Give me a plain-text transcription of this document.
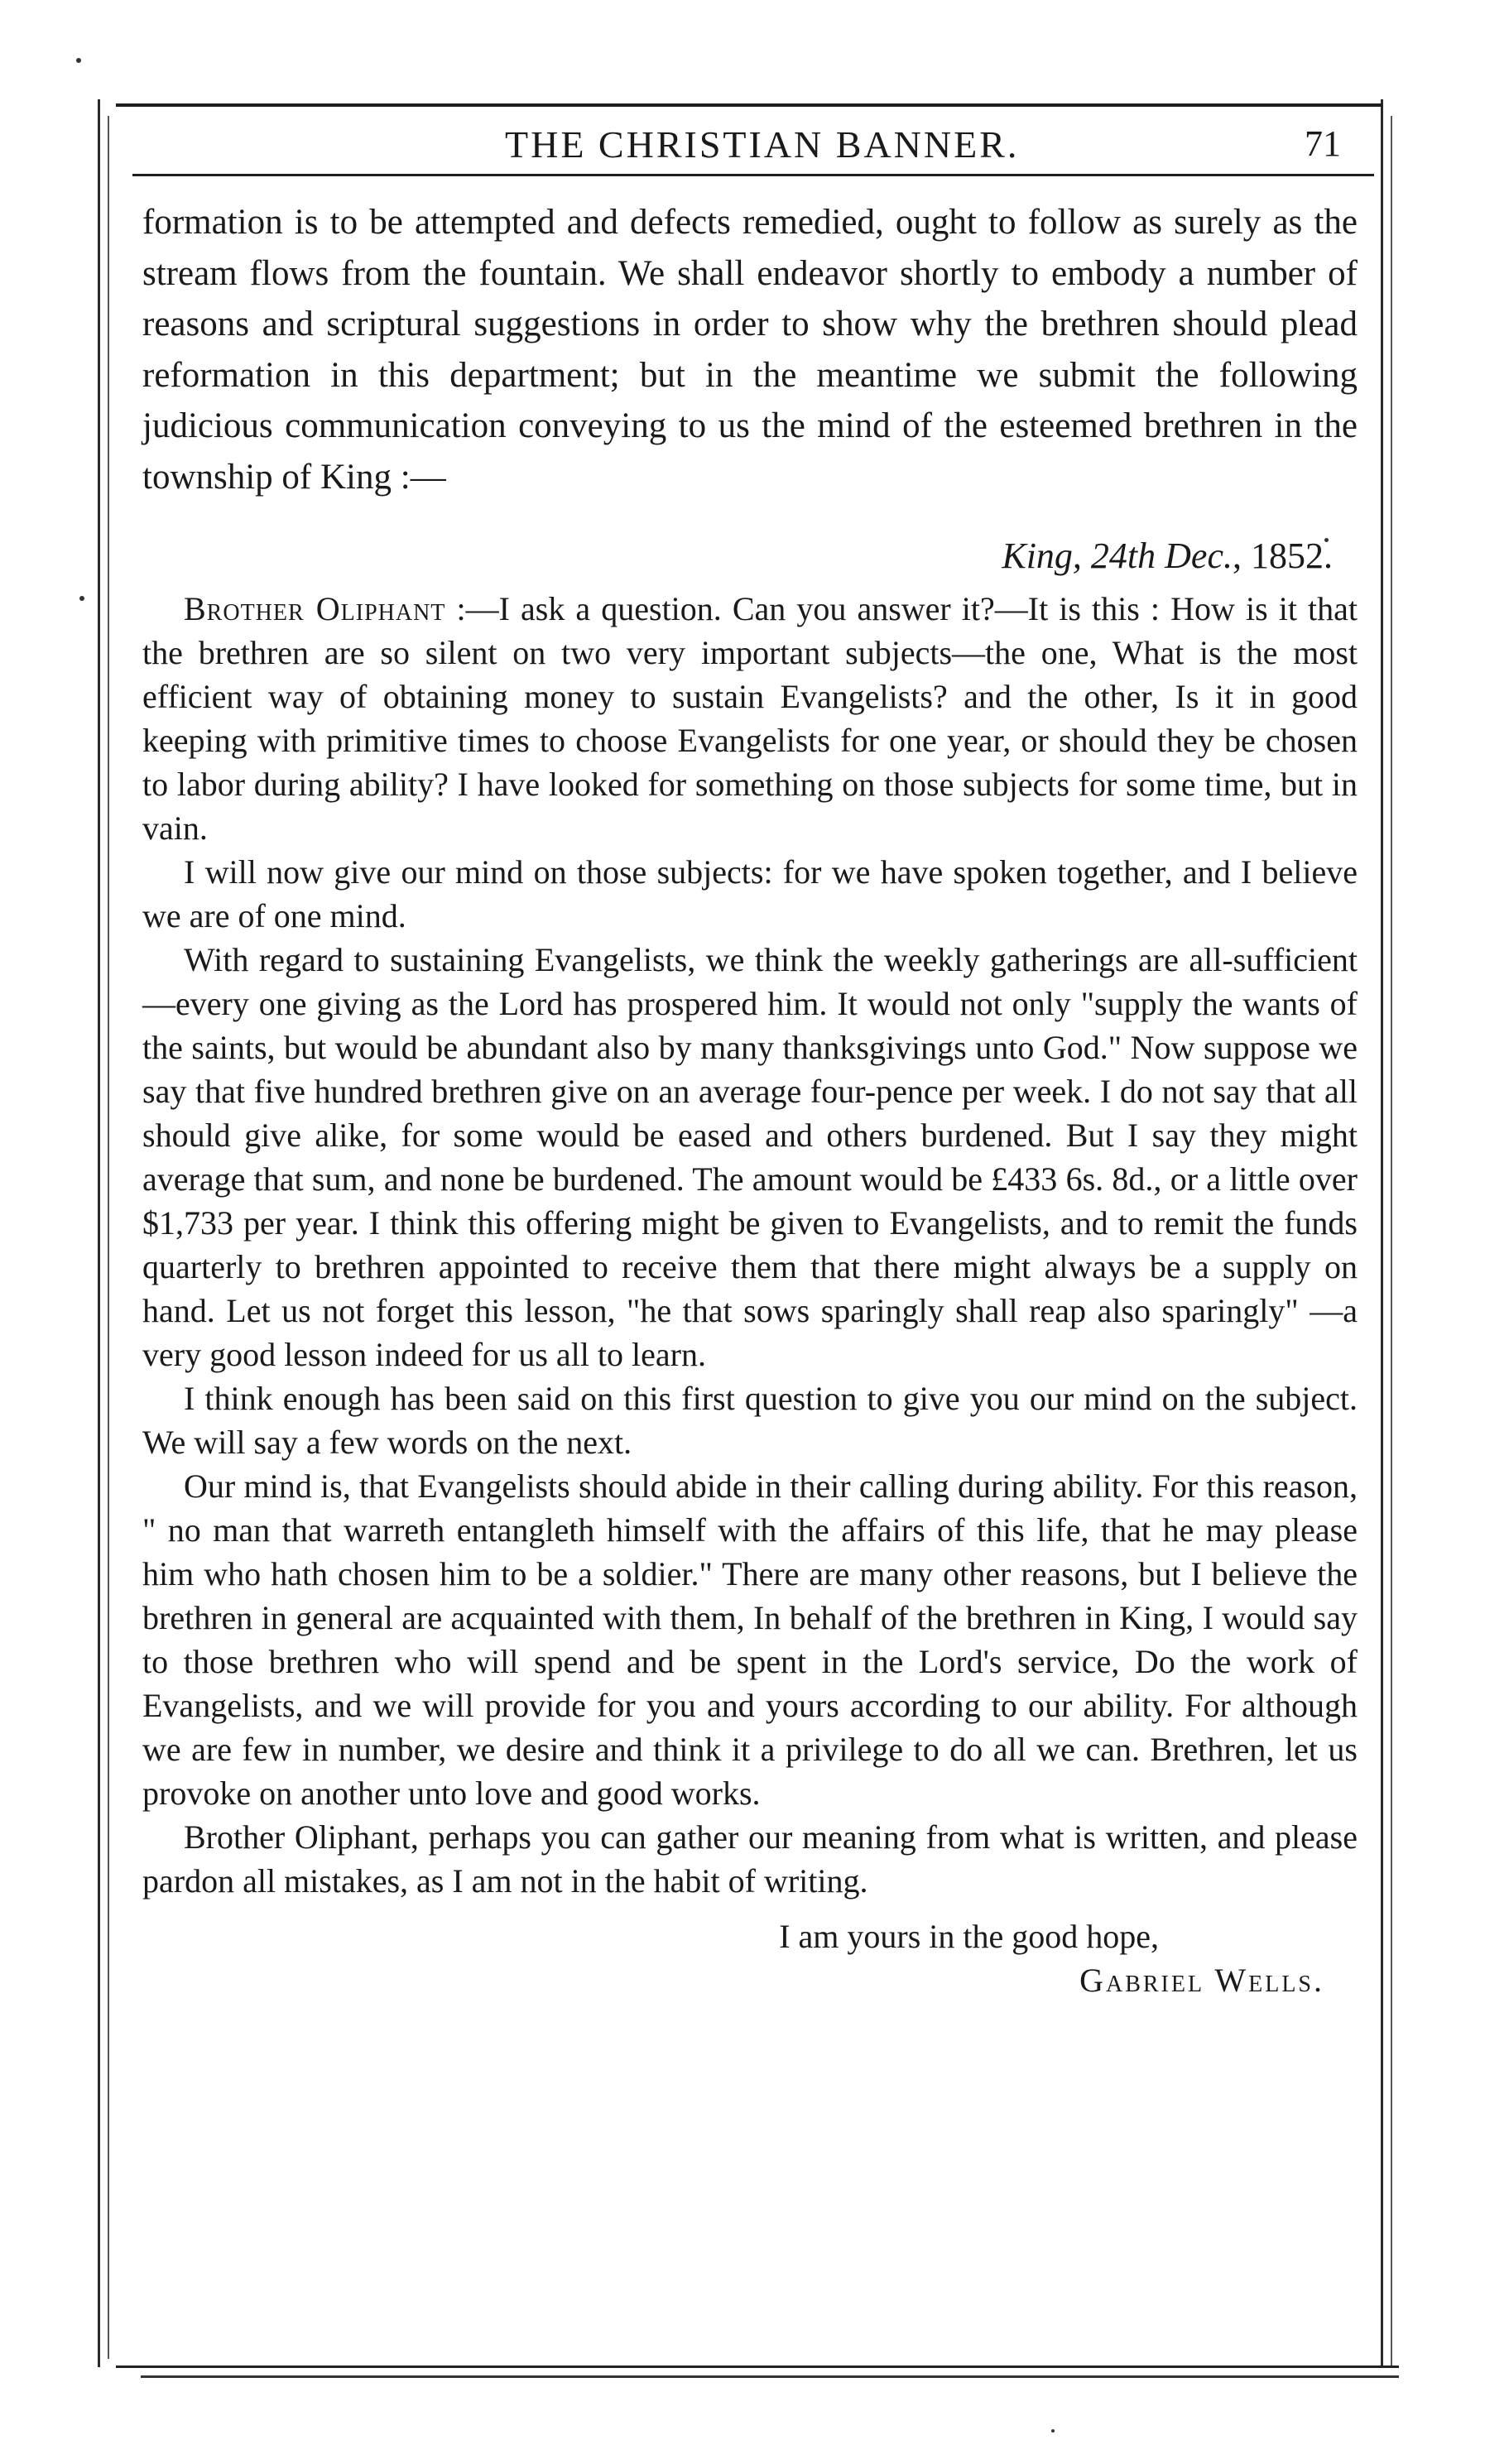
THE CHRISTIAN BANNER.	71

formation is to be attempted and defects remedied, ought to follow as surely as the stream flows from the fountain. We shall endeavor shortly to embody a number of reasons and scriptural suggestions in order to show why the brethren should plead reformation in this department; but in the meantime we submit the following judicious communication conveying to us the mind of the esteemed brethren in the township of King :—

King, 24th Dec., 1852.

Brother Oliphant :—I ask a question. Can you answer it?—It is this : How is it that the brethren are so silent on two very important subjects—the one, What is the most efficient way of obtaining money to sustain Evangelists? and the other, Is it in good keeping with primitive times to choose Evangelists for one year, or should they be chosen to labor during ability? I have looked for something on those subjects for some time, but in vain.

I will now give our mind on those subjects: for we have spoken together, and I believe we are of one mind.

With regard to sustaining Evangelists, we think the weekly gatherings are all-sufficient—every one giving as the Lord has prospered him. It would not only "supply the wants of the saints, but would be abundant also by many thanksgivings unto God." Now suppose we say that five hundred brethren give on an average four-pence per week. I do not say that all should give alike, for some would be eased and others burdened. But I say they might average that sum, and none be burdened. The amount would be £433 6s. 8d., or a little over $1,733 per year. I think this offering might be given to Evangelists, and to remit the funds quarterly to brethren appointed to receive them that there might always be a supply on hand. Let us not forget this lesson, "he that sows sparingly shall reap also sparingly" —a very good lesson indeed for us all to learn.

I think enough has been said on this first question to give you our mind on the subject. We will say a few words on the next.

Our mind is, that Evangelists should abide in their calling during ability. For this reason, " no man that warreth entangleth himself with the affairs of this life, that he may please him who hath chosen him to be a soldier." There are many other reasons, but I believe the brethren in general are acquainted with them, In behalf of the brethren in King, I would say to those brethren who will spend and be spent in the Lord's service, Do the work of Evangelists, and we will provide for you and yours according to our ability. For although we are few in number, we desire and think it a privilege to do all we can. Brethren, let us provoke on another unto love and good works.

Brother Oliphant, perhaps you can gather our meaning from what is written, and please pardon all mistakes, as I am not in the habit of writing.

I am yours in the good hope,

Gabriel Wells.
